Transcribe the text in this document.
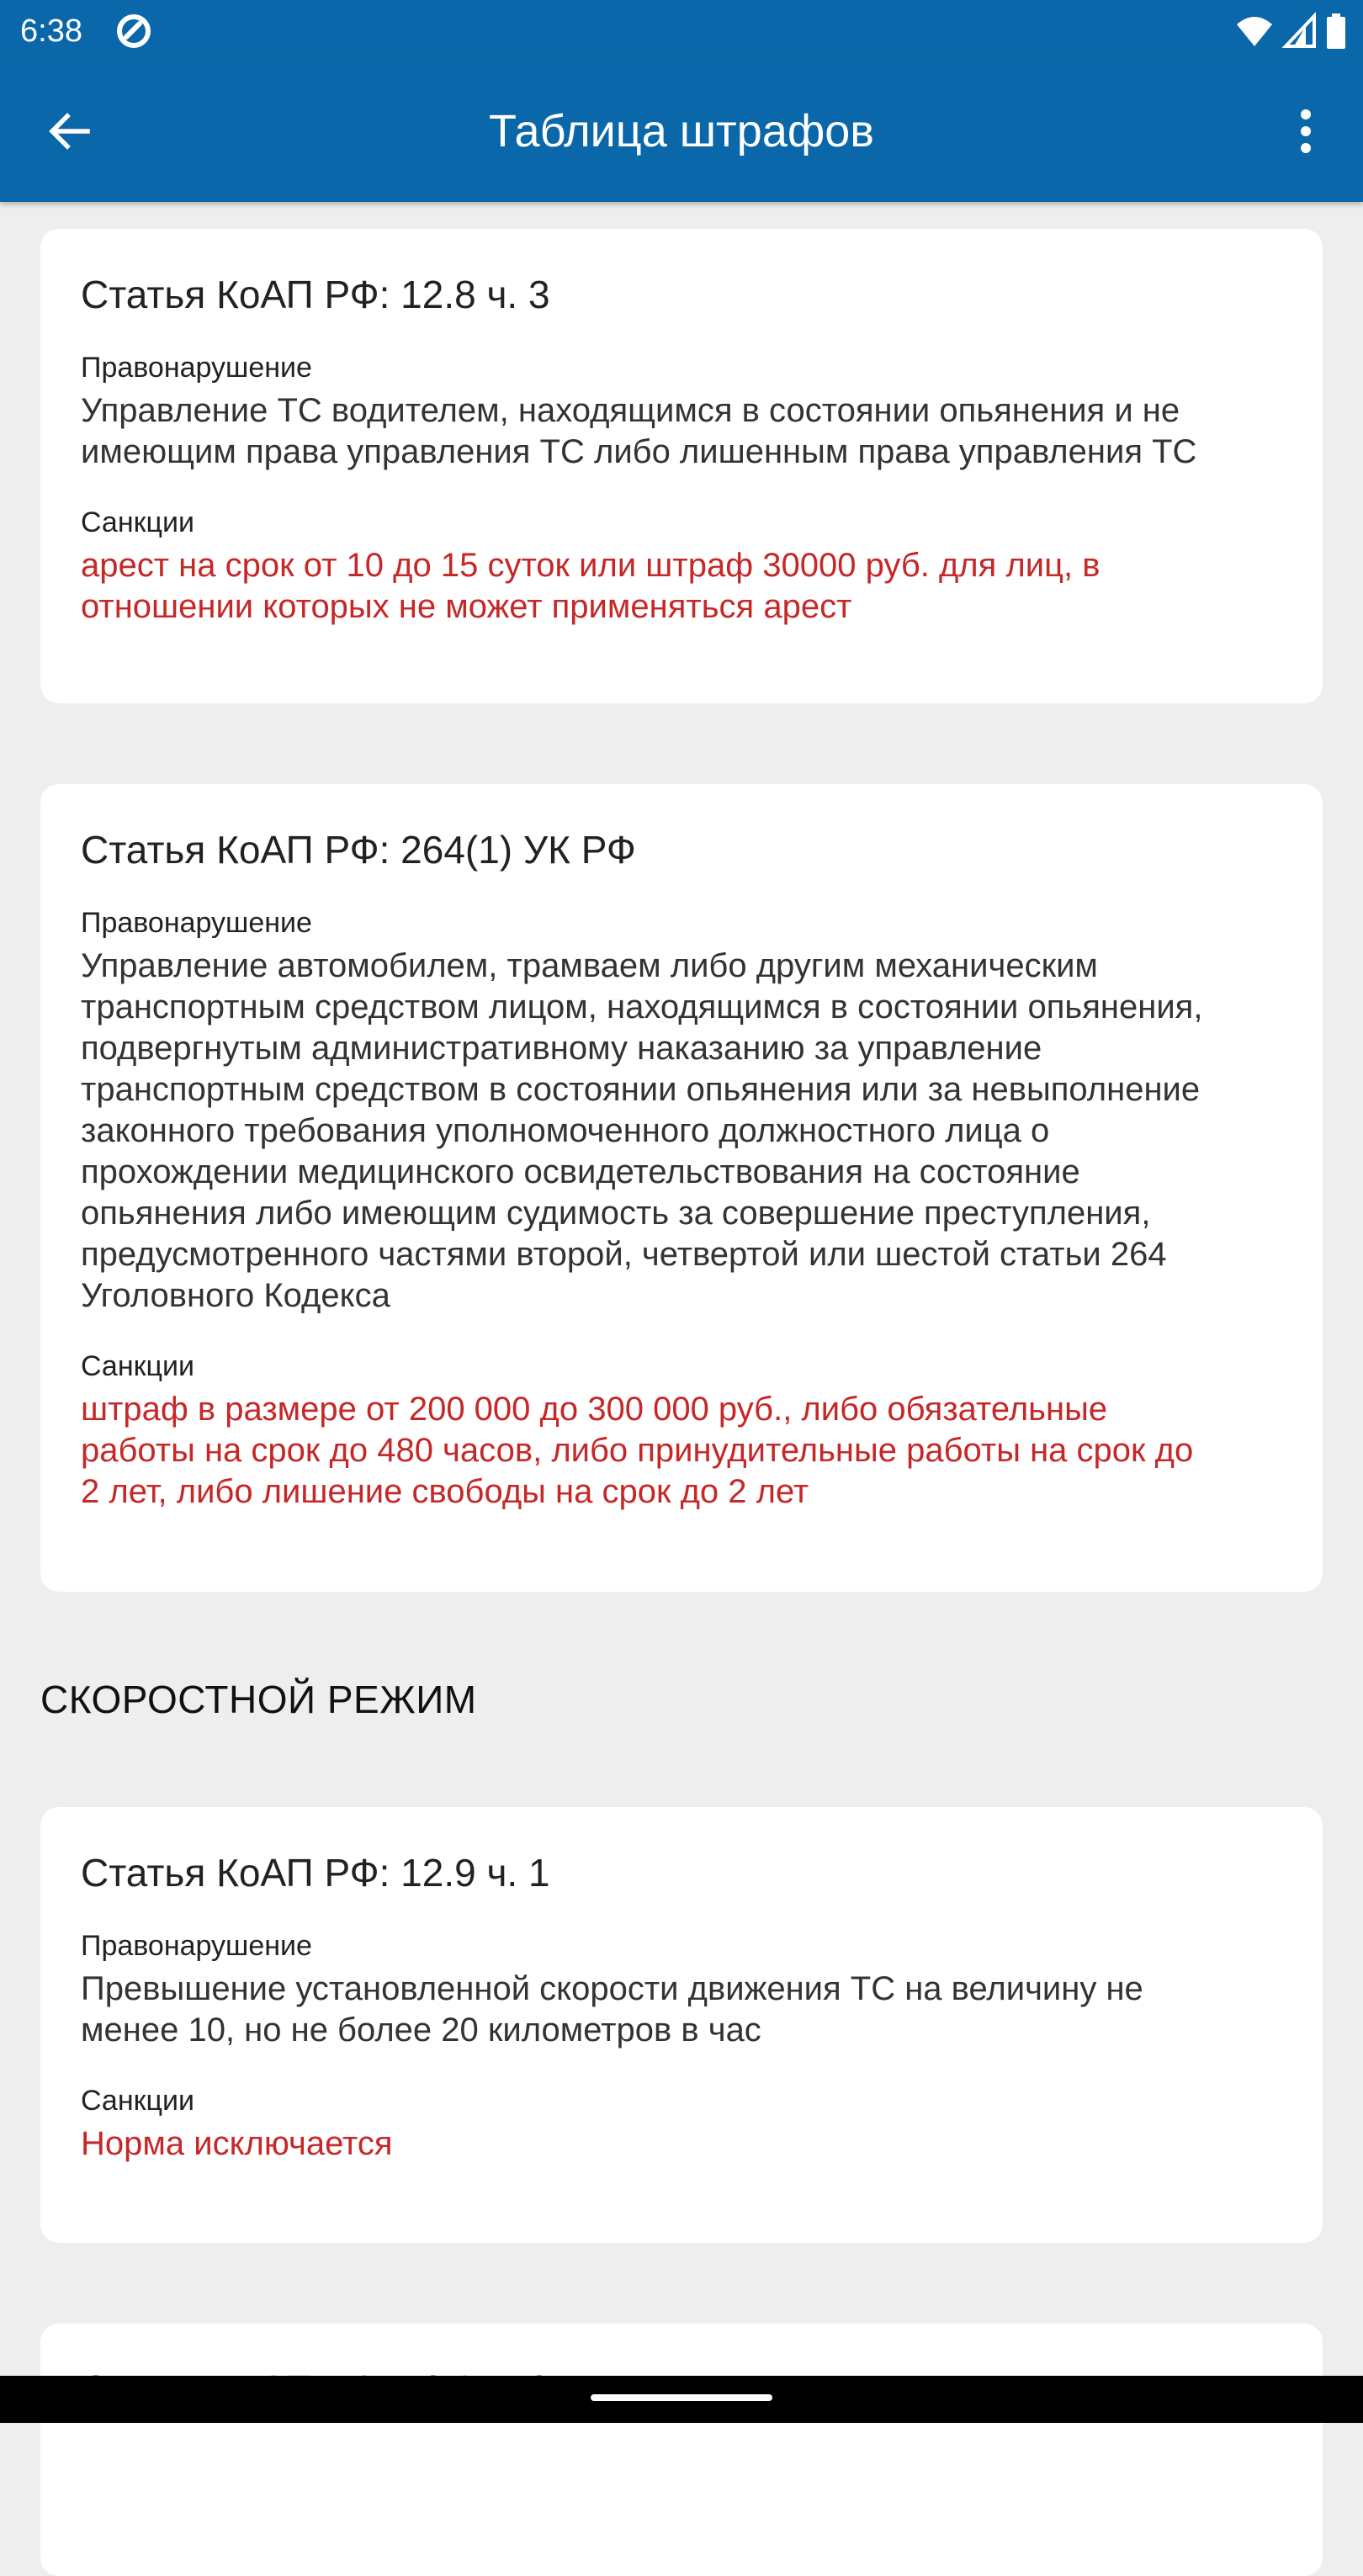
6:38
Таблица штрафов
Статья КоАП РФ: 12.8 ч. 3
Правонарушение
Управление ТС водителем, находящимся в состоянии опьянения и не
имеющим права управления ТС либо лишенным права управления ТС
Санкции
арест на срок от 10 до 15 суток или штраф 30000 руб. для лиц, в
отношении которых не может применяться арест
Статья КоАП РФ: 264(1) УК РФ
Правонарушение
Управление автомобилем, трамваем либо другим механическим
транспортным средством лицом, находящимся в состоянии опьянения,
подвергнутым административному наказанию за управление
транспортным средством в состоянии опьянения или за невыполнение
законного требования уполномоченного должностного лица о
прохождении медицинского освидетельствования на состояние
опьянения либо имеющим судимость за совершение преступления,
предусмотренного частями второй, четвертой или шестой статьи 264
Уголовного Кодекса
Санкции
штраф в размере от 200 000 до 300 000 руб., либо обязательные
работы на срок до 480 часов, либо принудительные работы на срок до
2 лет, либо лишение свободы на срок до 2 лет
СКОРОСТНОЙ РЕЖИМ
Статья КоАП РФ: 12.9 ч. 1
Правонарушение
Превышение установленной скорости движения ТС на величину не
менее 10, но не более 20 километров в час
Санкции
Норма исключается
